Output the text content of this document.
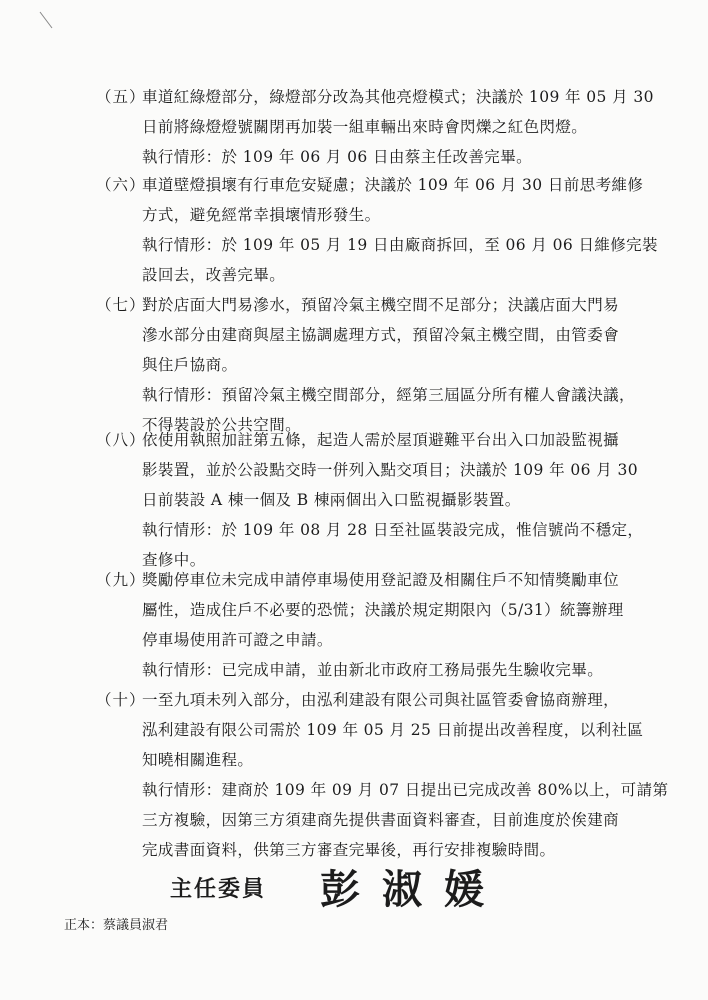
（五）
車道紅綠燈部分，綠燈部分改為其他亮燈模式；決議於 109 年 05 月 30
日前將綠燈燈號關閉再加裝一組車輛出來時會閃爍之紅色閃燈。
執行情形：於 109 年 06 月 06 日由蔡主任改善完畢。
（六）
車道壁燈損壞有行車危安疑慮；決議於 109 年 06 月 30 日前思考維修
方式，避免經常幸損壞情形發生。
執行情形：於 109 年 05 月 19 日由廠商拆回，至 06 月 06 日維修完裝
設回去，改善完畢。
（七）
對於店面大門易滲水，預留冷氣主機空間不足部分；決議店面大門易
滲水部分由建商與屋主協調處理方式，預留冷氣主機空間，由管委會
與住戶協商。
執行情形：預留冷氣主機空間部分，經第三屆區分所有權人會議決議，
不得裝設於公共空間。
（八）
依使用執照加註第五條，起造人需於屋頂避難平台出入口加設監視攝
影裝置，並於公設點交時一併列入點交項目；決議於 109 年 06 月 30
日前裝設 A 棟一個及 B 棟兩個出入口監視攝影裝置。
執行情形：於 109 年 08 月 28 日至社區裝設完成，惟信號尚不穩定，
查修中。
（九）
獎勵停車位未完成申請停車場使用登記證及相關住戶不知情獎勵車位
屬性，造成住戶不必要的恐慌；決議於規定期限內（5/31）統籌辦理
停車場使用許可證之申請。
執行情形：已完成申請，並由新北市政府工務局張先生驗收完畢。
（十）
一至九項未列入部分，由泓利建設有限公司與社區管委會協商辦理，
泓利建設有限公司需於 109 年 05 月 25 日前提出改善程度，以利社區
知曉相關進程。
執行情形：建商於 109 年 09 月 07 日提出已完成改善 80%以上，可請第
三方複驗，因第三方須建商先提供書面資料審查，目前進度於俟建商
完成書面資料，供第三方審查完畢後，再行安排複驗時間。
主任委員 彭淑媛
正本：蔡議員淑君
